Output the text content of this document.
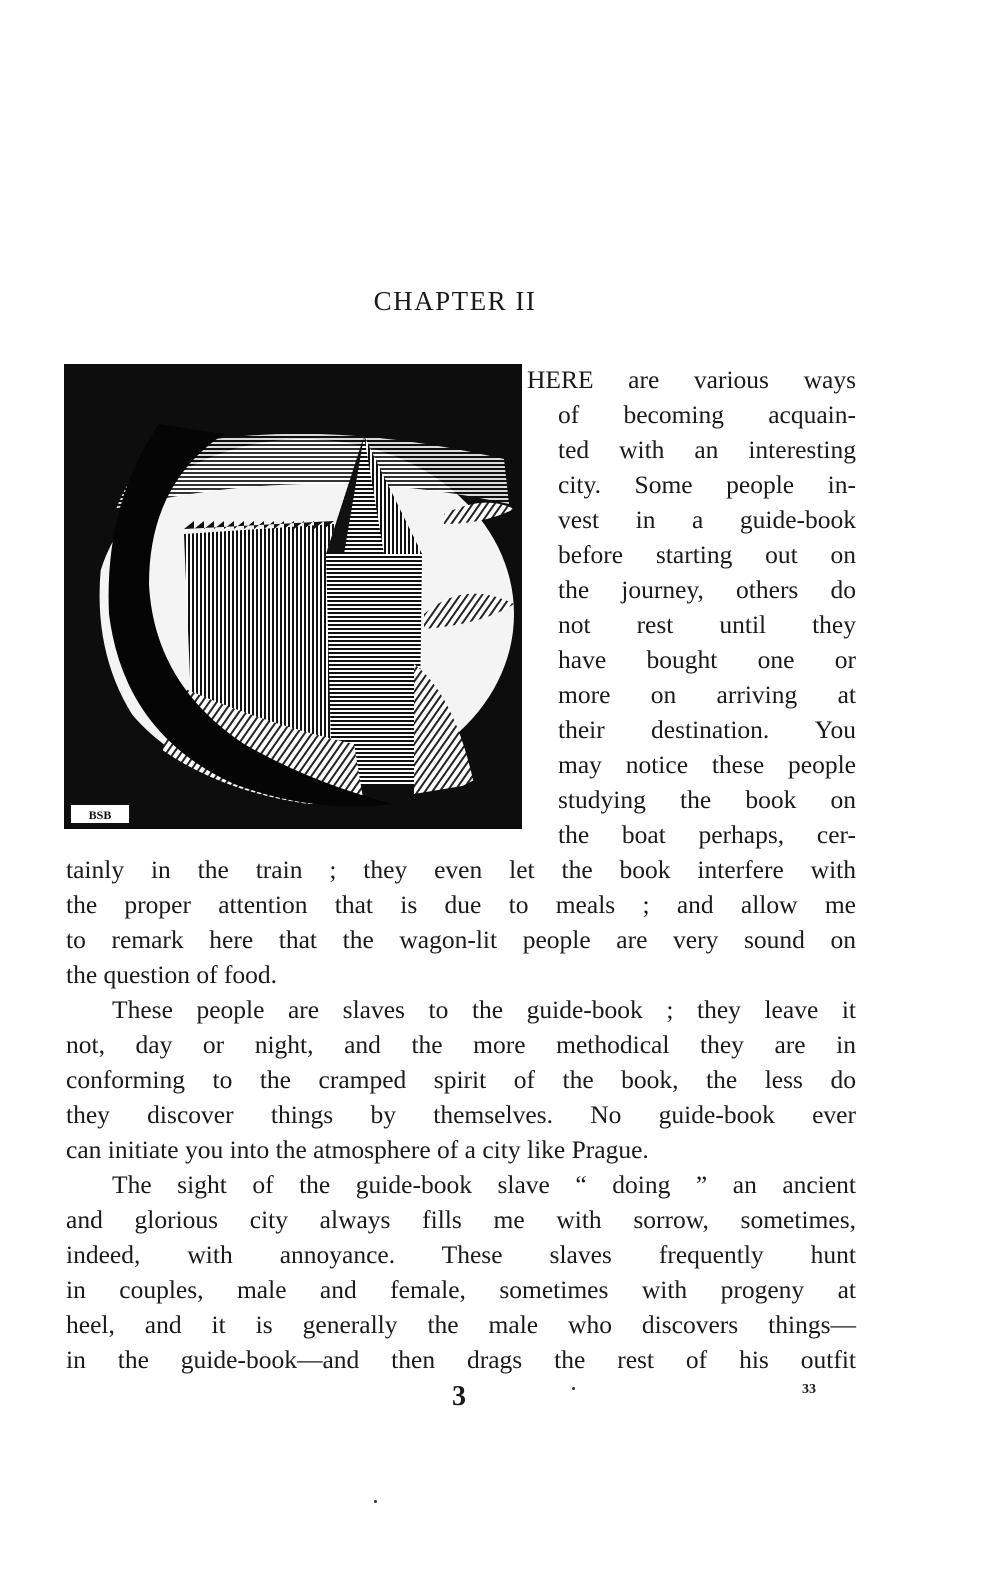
CHAPTER II
BSB
HERE are various ways
of becoming acquain-
ted with an interesting
city. Some people in-
vest in a guide-book
before starting out on
the journey, others do
not rest until they
have bought one or
more on arriving at
their destination. You
may notice these people
studying the book on
the boat perhaps, cer-
tainly in the train ; they even let the book interfere with
the proper attention that is due to meals ; and allow me
to remark here that the wagon-lit people are very sound on
the question of food.
These people are slaves to the guide-book ; they leave it
not, day or night, and the more methodical they are in
conforming to the cramped spirit of the book, the less do
they discover things by themselves. No guide-book ever
can initiate you into the atmosphere of a city like Prague.
The sight of the guide-book slave “ doing ” an ancient
and glorious city always fills me with sorrow, sometimes,
indeed, with annoyance. These slaves frequently hunt
in couples, male and female, sometimes with progeny at
heel, and it is generally the male who discovers things—
in the guide-book—and then drags the rest of his outfit
3	33
